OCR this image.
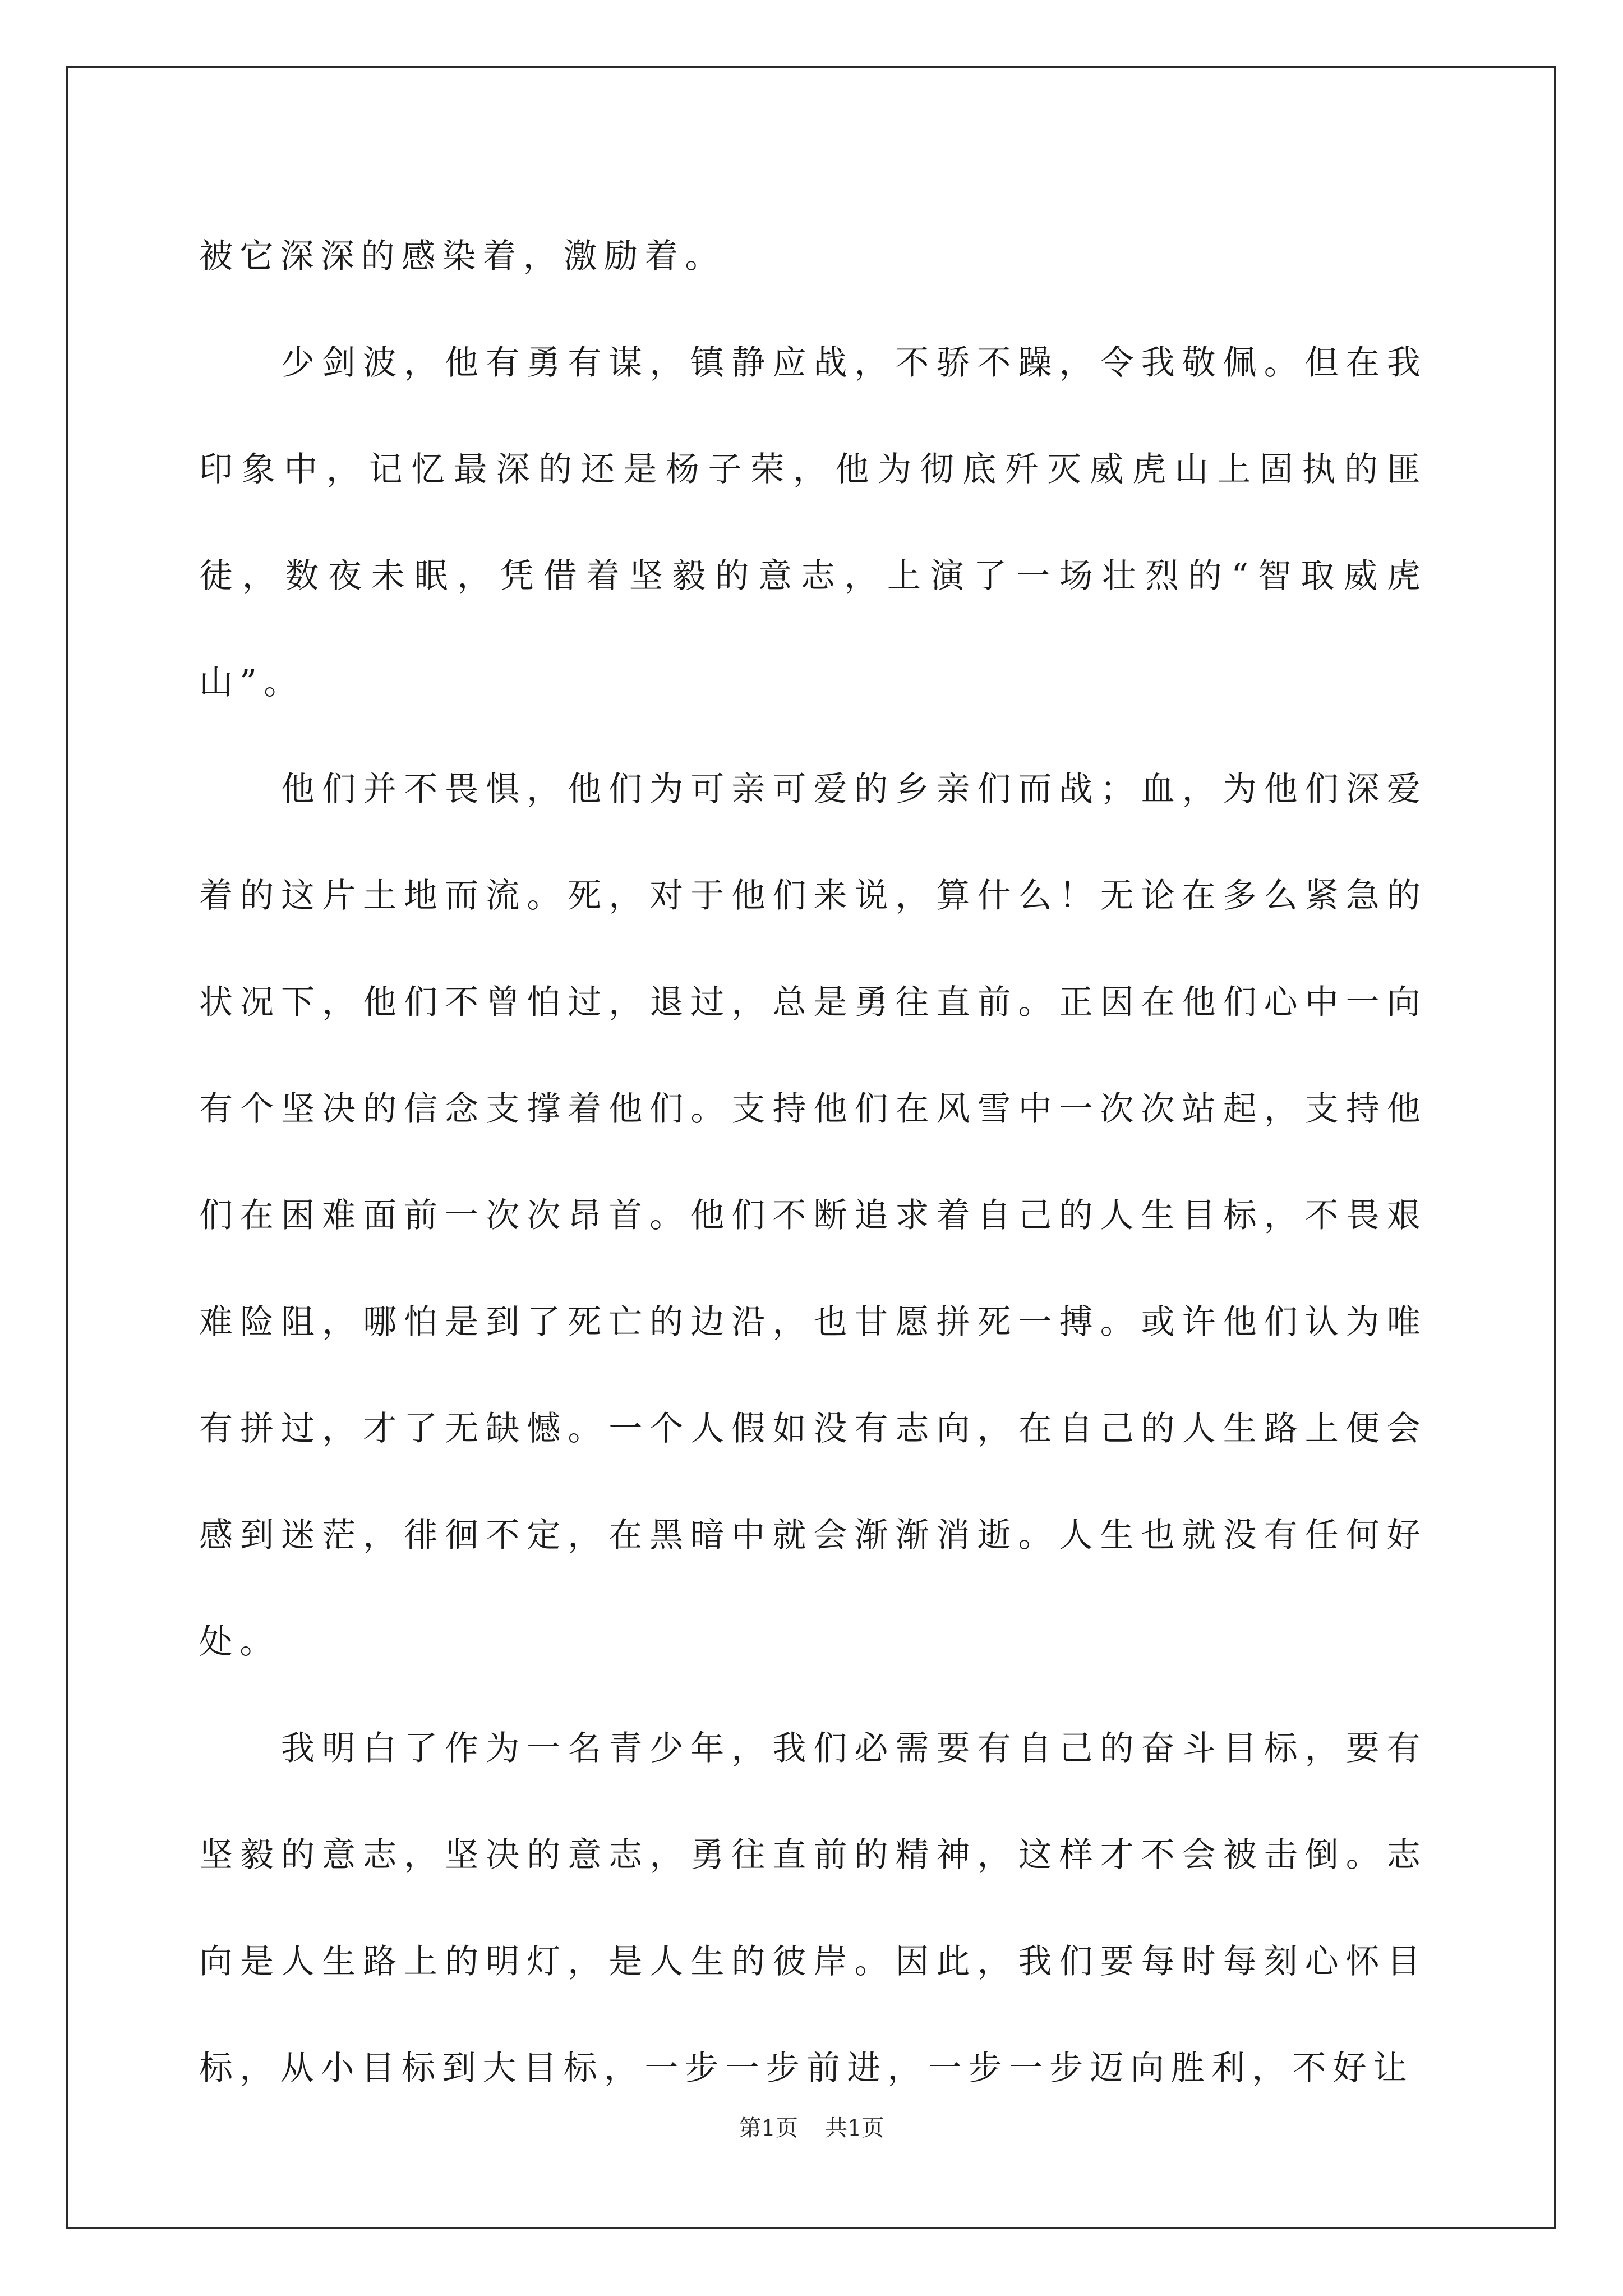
被它深深的感染着，激励着。

少剑波，他有勇有谋，镇静应战，不骄不躁，令我敬佩。但在我印象中，记忆最深的还是杨子荣，他为彻底歼灭威虎山上固执的匪徒，数夜未眠，凭借着坚毅的意志，上演了一场壮烈的“智取威虎山”。

他们并不畏惧，他们为可亲可爱的乡亲们而战；血，为他们深爱着的这片土地而流。死，对于他们来说，算什么！无论在多么紧急的状况下，他们不曾怕过，退过，总是勇往直前。正因在他们心中一向有个坚决的信念支撑着他们。支持他们在风雪中一次次站起，支持他们在困难面前一次次昂首。他们不断追求着自己的人生目标，不畏艰难险阻，哪怕是到了死亡的边沿，也甘愿拼死一搏。或许他们认为唯有拼过，才了无缺憾。一个人假如没有志向，在自己的人生路上便会感到迷茫，徘徊不定，在黑暗中就会渐渐消逝。人生也就没有任何好处。

我明白了作为一名青少年，我们必需要有自己的奋斗目标，要有坚毅的意志，坚决的意志，勇往直前的精神，这样才不会被击倒。志向是人生路上的明灯，是人生的彼岸。因此，我们要每时每刻心怀目标，从小目标到大目标，一步一步前进，一步一步迈向胜利，不好让

第1页 共1页
